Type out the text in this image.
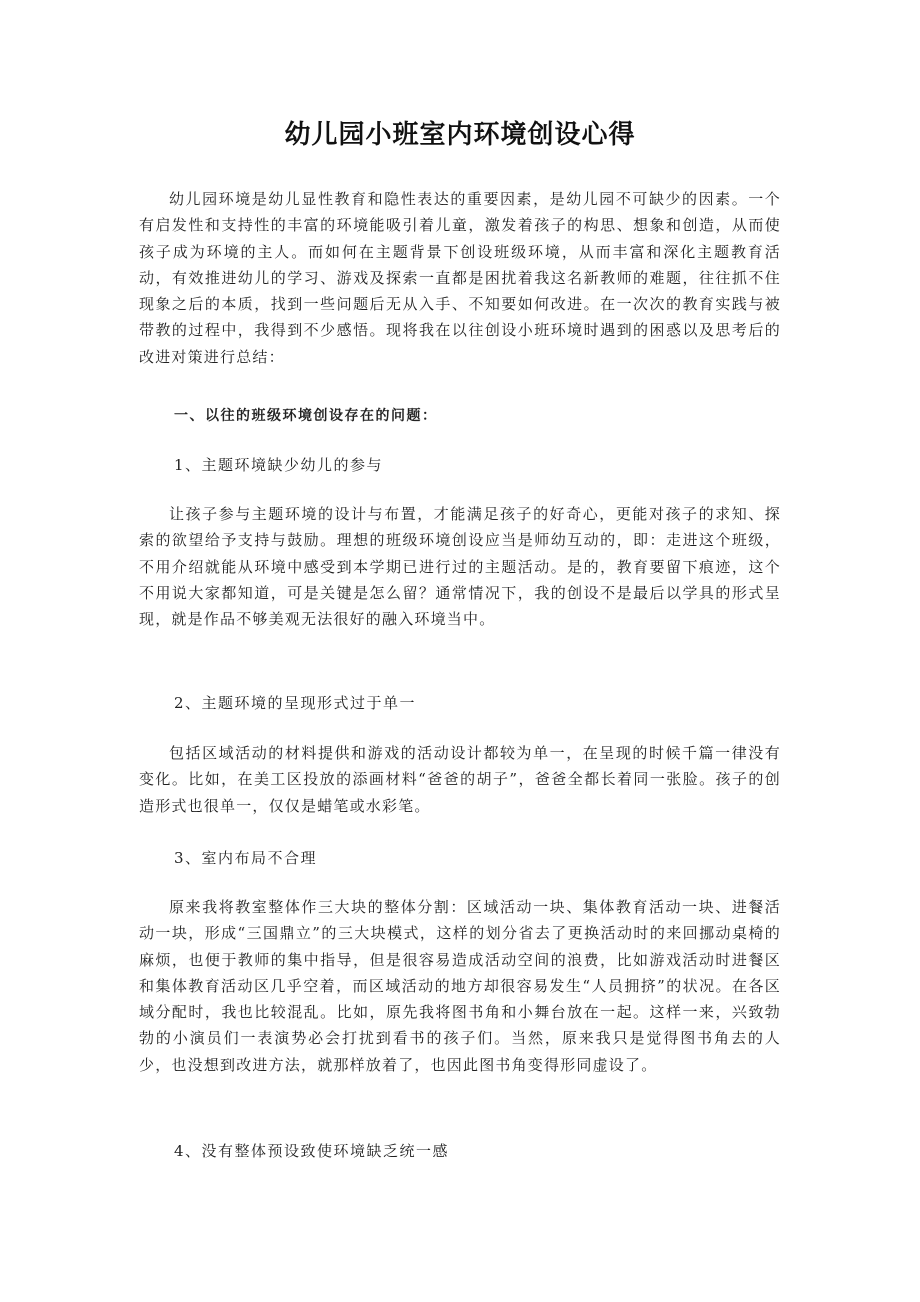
幼儿园小班室内环境创设心得

幼儿园环境是幼儿显性教育和隐性表达的重要因素，是幼儿园不可缺少的因素。一个有启发性和支持性的丰富的环境能吸引着儿童，激发着孩子的构思、想象和创造，从而使孩子成为环境的主人。而如何在主题背景下创设班级环境，从而丰富和深化主题教育活动，有效推进幼儿的学习、游戏及探索一直都是困扰着我这名新教师的难题，往往抓不住现象之后的本质，找到一些问题后无从入手、不知要如何改进。在一次次的教育实践与被带教的过程中，我得到不少感悟。现将我在以往创设小班环境时遇到的困惑以及思考后的改进对策进行总结：

一、以往的班级环境创设存在的问题：

1、主题环境缺少幼儿的参与

让孩子参与主题环境的设计与布置，才能满足孩子的好奇心，更能对孩子的求知、探索的欲望给予支持与鼓励。理想的班级环境创设应当是师幼互动的，即：走进这个班级，不用介绍就能从环境中感受到本学期已进行过的主题活动。是的，教育要留下痕迹，这个不用说大家都知道，可是关键是怎么留？通常情况下，我的创设不是最后以学具的形式呈现，就是作品不够美观无法很好的融入环境当中。

2、主题环境的呈现形式过于单一

包括区域活动的材料提供和游戏的活动设计都较为单一，在呈现的时候千篇一律没有变化。比如，在美工区投放的添画材料“爸爸的胡子”，爸爸全都长着同一张脸。孩子的创造形式也很单一，仅仅是蜡笔或水彩笔。

3、室内布局不合理

原来我将教室整体作三大块的整体分割：区域活动一块、集体教育活动一块、进餐活动一块，形成“三国鼎立”的三大块模式，这样的划分省去了更换活动时的来回挪动桌椅的麻烦，也便于教师的集中指导，但是很容易造成活动空间的浪费，比如游戏活动时进餐区和集体教育活动区几乎空着，而区域活动的地方却很容易发生“人员拥挤”的状况。在各区域分配时，我也比较混乱。比如，原先我将图书角和小舞台放在一起。这样一来，兴致勃勃的小演员们一表演势必会打扰到看书的孩子们。当然，原来我只是觉得图书角去的人少，也没想到改进方法，就那样放着了，也因此图书角变得形同虚设了。

4、没有整体预设致使环境缺乏统一感
